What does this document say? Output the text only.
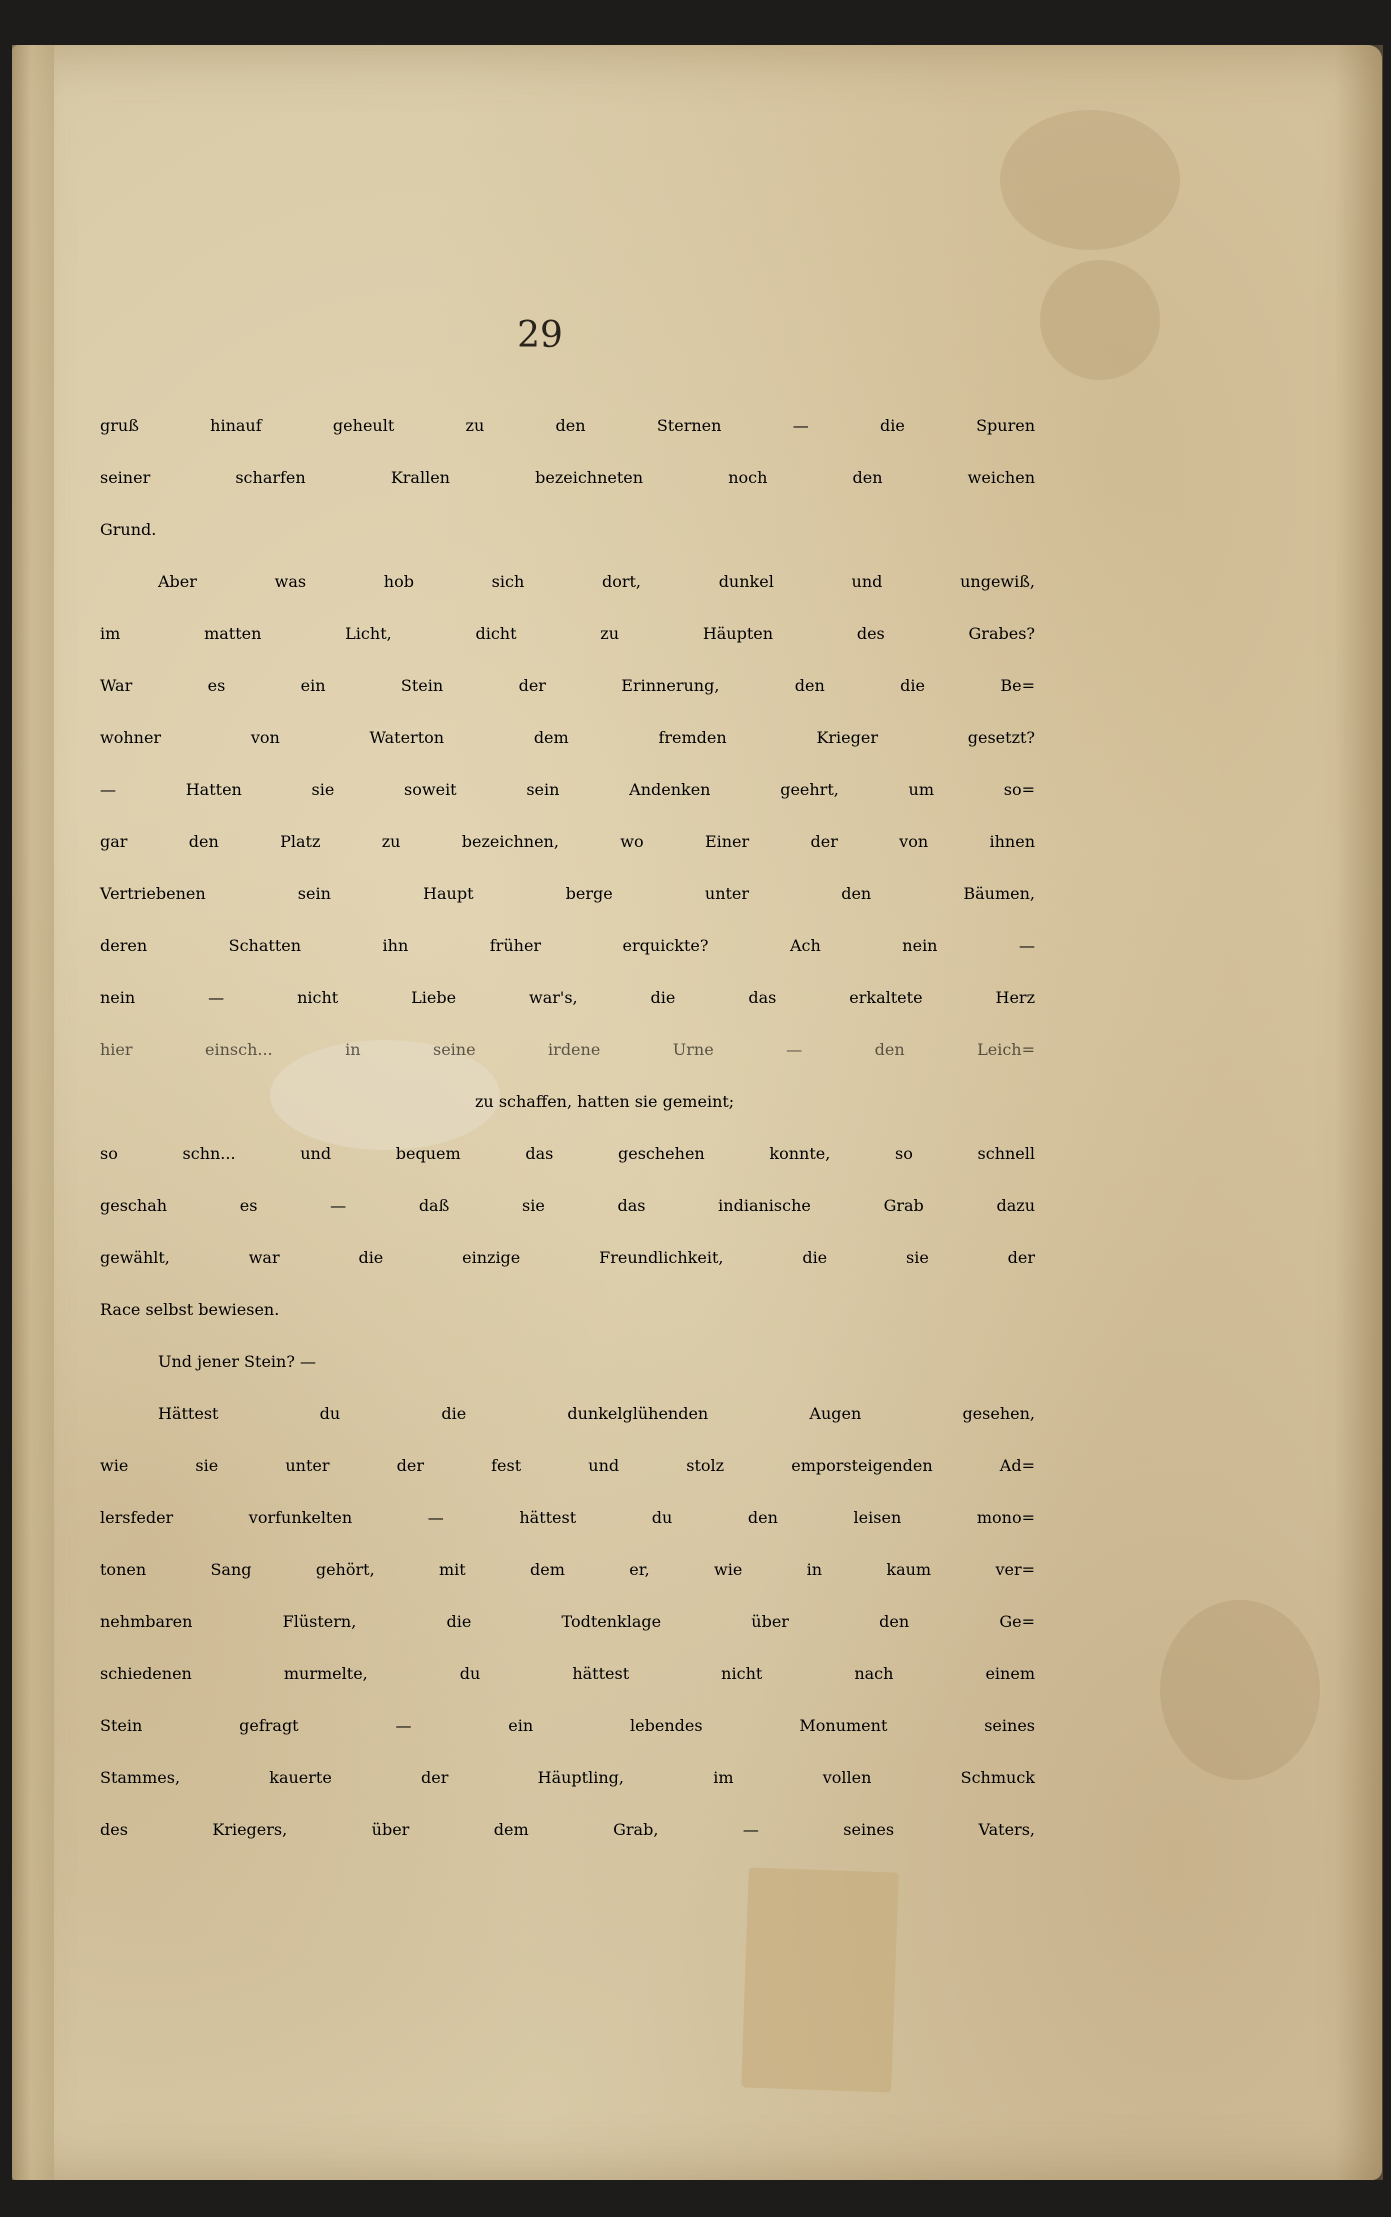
29
gruß hinauf geheult zu den Sternen — die Spuren
seiner scharfen Krallen bezeichneten noch den weichen
Grund.
Aber was hob sich dort, dunkel und ungewiß,
im matten Licht, dicht zu Häupten des Grabes?
War es ein Stein der Erinnerung, den die Be=
wohner von Waterton dem fremden Krieger gesetzt?
— Hatten sie soweit sein Andenken geehrt, um so=
gar den Platz zu bezeichnen, wo Einer der von ihnen
Vertriebenen sein Haupt berge unter den Bäumen,
deren Schatten ihn früher erquickte? Ach nein —
nein — nicht Liebe war's, die das erkaltete Herz
hier einsch... in seine irdene Urne — den Leich=
zu schaffen, hatten sie gemeint;
so schn... und bequem das geschehen konnte, so schnell
geschah es — daß sie das indianische Grab dazu
gewählt, war die einzige Freundlichkeit, die sie der
Race selbst bewiesen.
Und jener Stein? —
Hättest du die dunkelglühenden Augen gesehen,
wie sie unter der fest und stolz emporsteigenden Ad=
lersfeder vorfunkelten — hättest du den leisen mono=
tonen Sang gehört, mit dem er, wie in kaum ver=
nehmbaren Flüstern, die Todtenklage über den Ge=
schiedenen murmelte, du hättest nicht nach einem
Stein gefragt — ein lebendes Monument seines
Stammes, kauerte der Häuptling, im vollen Schmuck
des Kriegers, über dem Grab, — seines Vaters,
